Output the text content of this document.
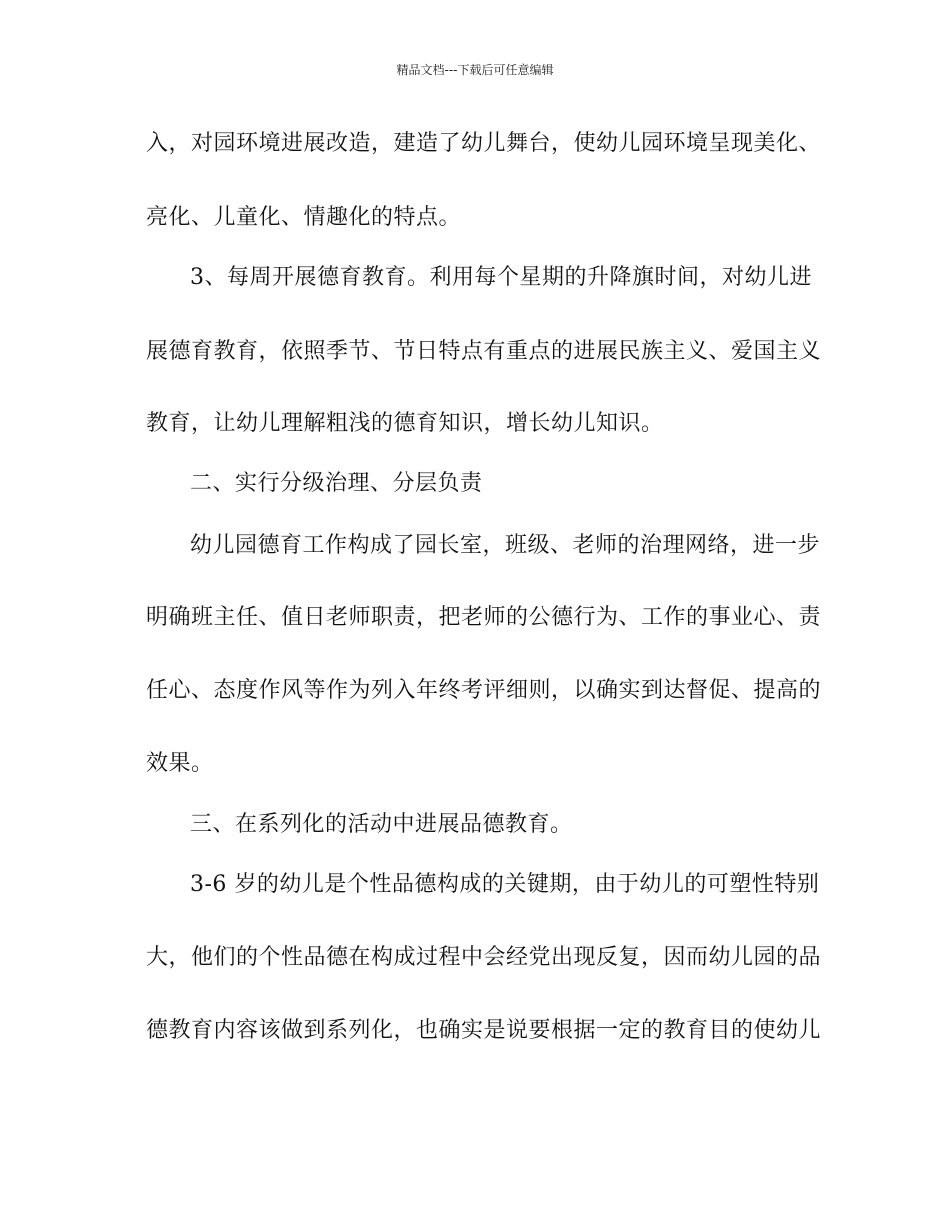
精品文档---下载后可任意编辑
入，对园环境进展改造，建造了幼儿舞台，使幼儿园环境呈现美化、
亮化、儿童化、情趣化的特点。
3、每周开展德育教育。利用每个星期的升降旗时间，对幼儿进
展德育教育，依照季节、节日特点有重点的进展民族主义、爱国主义
教育，让幼儿理解粗浅的德育知识，增长幼儿知识。
二、实行分级治理、分层负责
幼儿园德育工作构成了园长室，班级、老师的治理网络，进一步
明确班主任、值日老师职责，把老师的公德行为、工作的事业心、责
任心、态度作风等作为列入年终考评细则，以确实到达督促、提高的
效果。
三、在系列化的活动中进展品德教育。
3-6 岁的幼儿是个性品德构成的关键期，由于幼儿的可塑性特别
大，他们的个性品德在构成过程中会经党出现反复，因而幼儿园的品
德教育内容该做到系列化，也确实是说要根据一定的教育目的使幼儿
